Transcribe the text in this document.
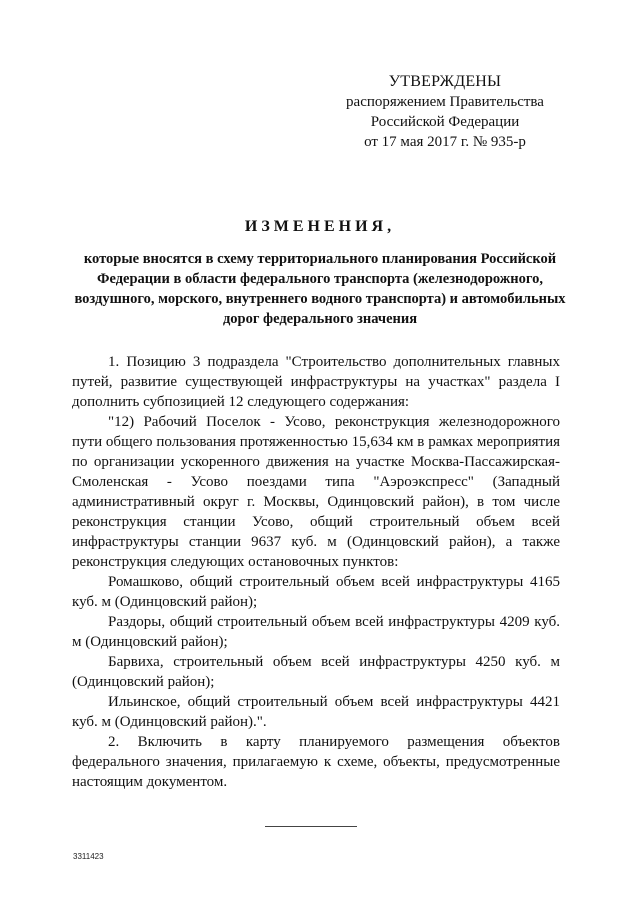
УТВЕРЖДЕНЫ
распоряжением Правительства
Российской Федерации
от 17 мая 2017 г. № 935-р
ИЗМЕНЕНИЯ,
которые вносятся в схему территориального планирования Российской Федерации в области федерального транспорта (железнодорожного, воздушного, морского, внутреннего водного транспорта) и автомобильных дорог федерального значения

1. Позицию 3 подраздела "Строительство дополнительных главных путей, развитие существующей инфраструктуры на участках" раздела I дополнить субпозицией 12 следующего содержания:

"12) Рабочий Поселок - Усово, реконструкция железнодорожного пути общего пользования протяженностью 15,634 км в рамках мероприятия по организации ускоренного движения на участке Москва-Пассажирская-Смоленская - Усово поездами типа "Аэроэкспресс" (Западный административный округ г. Москвы, Одинцовский район), в том числе реконструкция станции Усово, общий строительный объем всей инфраструктуры станции 9637 куб. м (Одинцовский район), а также реконструкция следующих остановочных пунктов:

Ромашково, общий строительный объем всей инфраструктуры 4165 куб. м (Одинцовский район);

Раздоры, общий строительный объем всей инфраструктуры 4209 куб. м (Одинцовский район);

Барвиха, строительный объем всей инфраструктуры 4250 куб. м (Одинцовский район);

Ильинское, общий строительный объем всей инфраструктуры 4421 куб. м (Одинцовский район).".

2. Включить в карту планируемого размещения объектов федерального значения, прилагаемую к схеме, объекты, предусмотренные настоящим документом.

3311423
